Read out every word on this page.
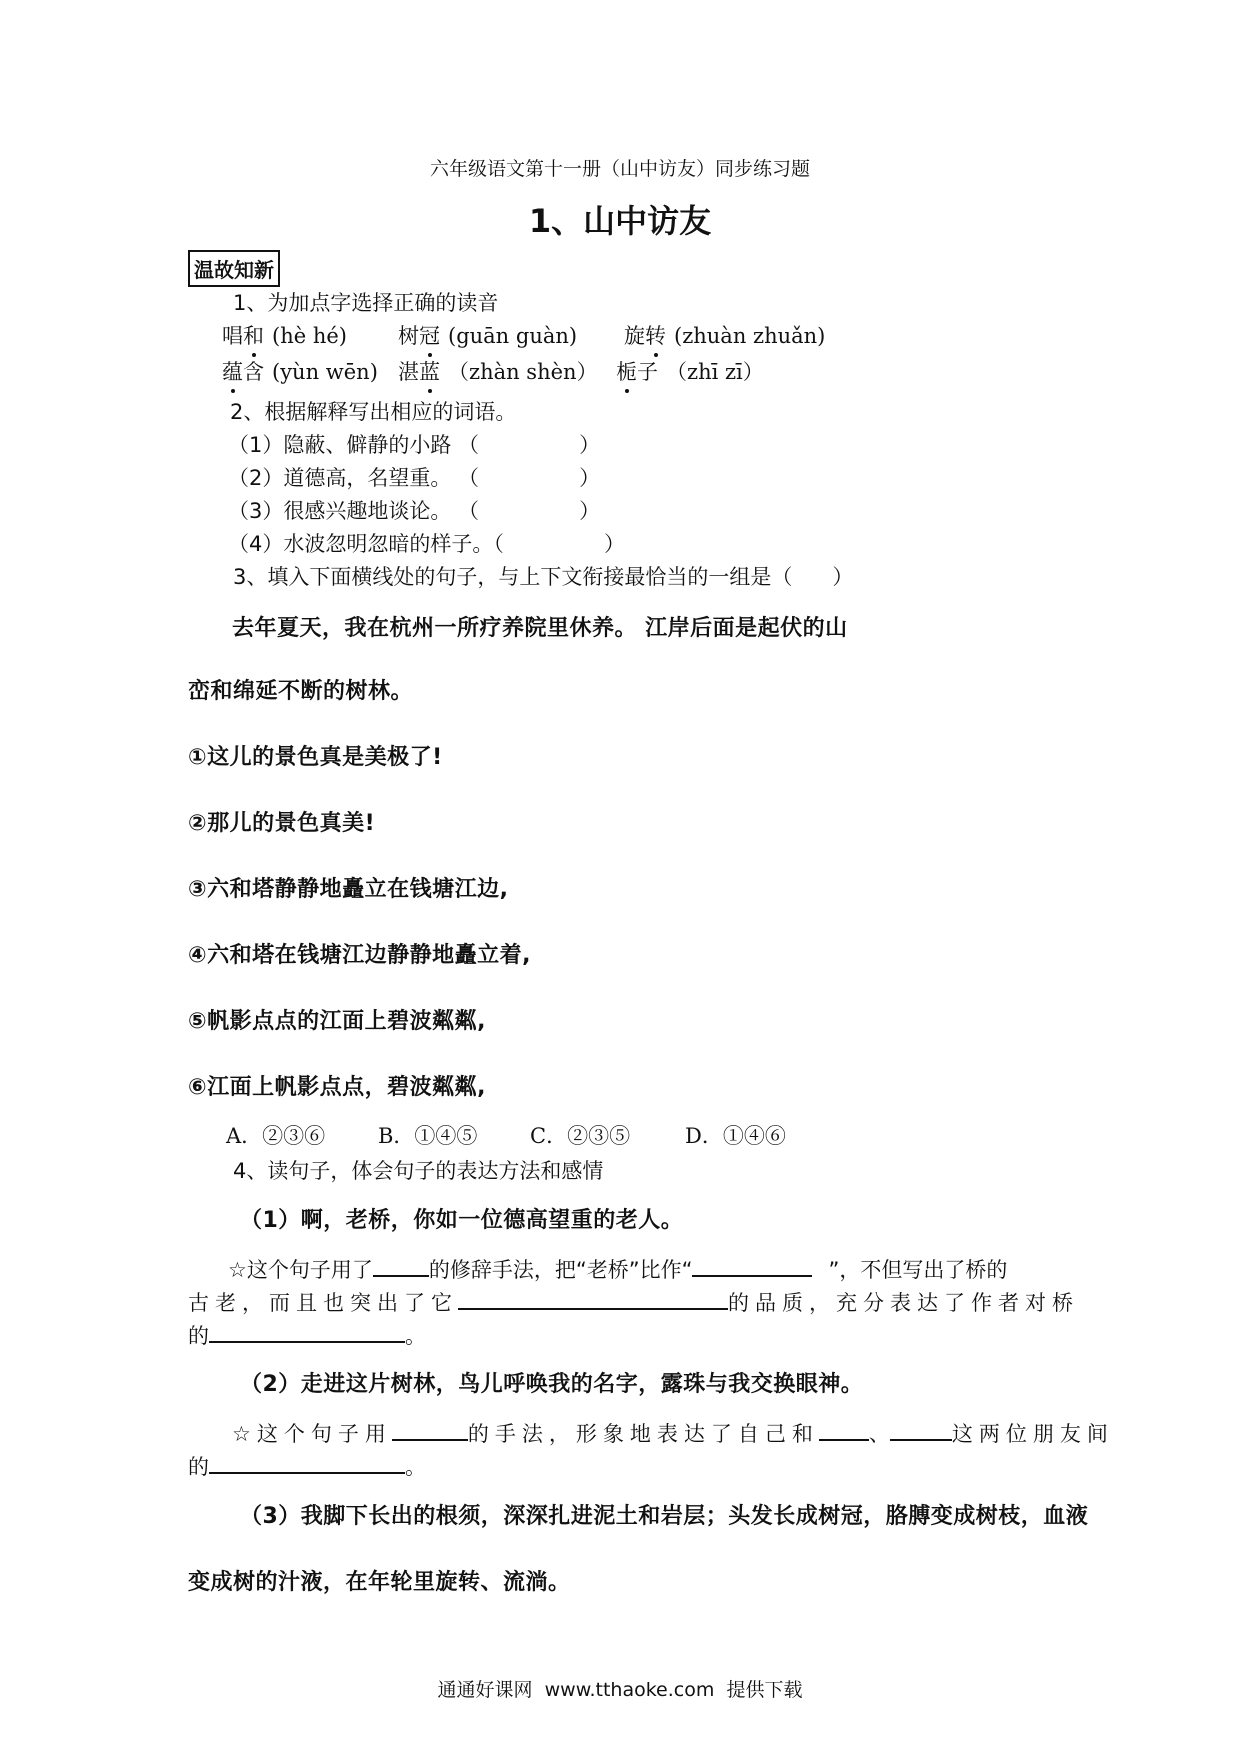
六年级语文第十一册（山中访友）同步练习题
1、山中访友
温故知新
1、为加点字选择正确的读音
唱和 (hè hé) 树冠 (guān guàn) 旋转 (zhuàn zhuǎn)
蕴含 (yùn wēn) 湛蓝 （zhàn shèn） 栀子 （zhī zī）
2、根据解释写出相应的词语。
（1）隐蔽、僻静的小路 （               ）
（2）道德高，名望重。 （               ）
（3）很感兴趣地谈论。 （               ）
（4）水波忽明忽暗的样子。（               ）
3、填入下面横线处的句子，与上下文衔接最恰当的一组是（      ）
去年夏天，我在杭州一所疗养院里休养。 江岸后面是起伏的山
峦和绵延不断的树林。
①这儿的景色真是美极了!
②那儿的景色真美!
③六和塔静静地矗立在钱塘江边,
④六和塔在钱塘江边静静地矗立着,
⑤帆影点点的江面上碧波粼粼,
⑥江面上帆影点点，碧波粼粼,
A．②③⑥	B．①④⑤	C．②③⑤	D．①④⑥
4、读句子，体会句子的表达方法和感情
（1）啊，老桥，你如一位德高望重的老人。
☆这个句子用了	的修辞手法，把“老桥”比作“	”，不但写出了桥的
古老，而且也突出了它	的品质，充分表达了作者对桥
的	。
（2）走进这片树林，鸟儿呼唤我的名字，露珠与我交换眼神。
☆这个句子用	的手法，形象地表达了自己和 、	这两位朋友间
的	。
（3）我脚下长出的根须，深深扎进泥土和岩层；头发长成树冠，胳膊变成树枝，血液
变成树的汁液，在年轮里旋转、流淌。
通通好课网  www.tthaoke.com  提供下载
